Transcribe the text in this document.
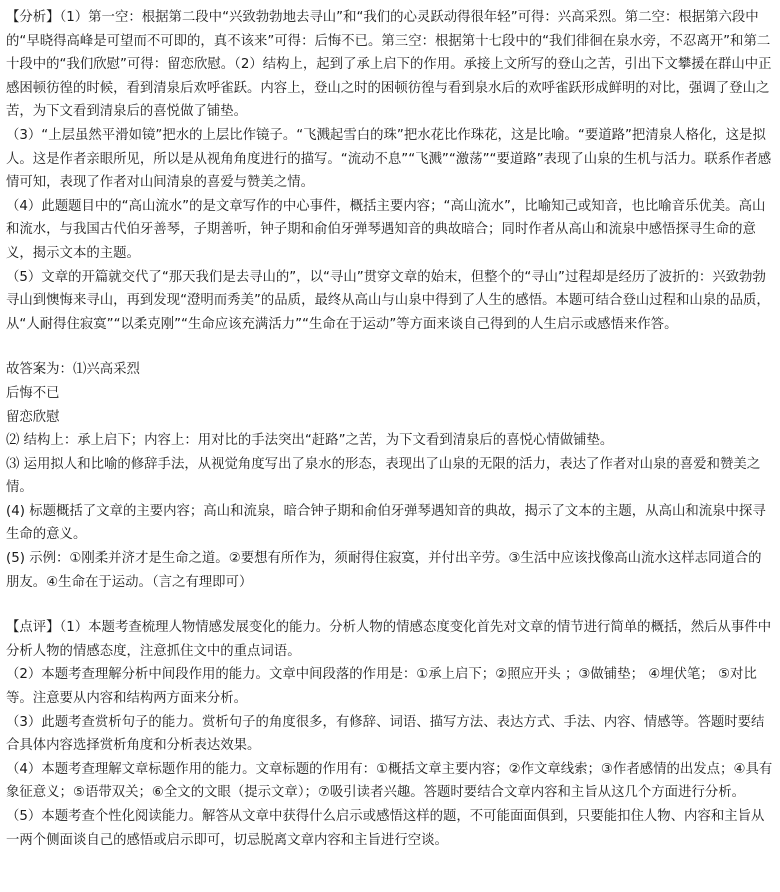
【分析】（1）第一空：根据第二段中“兴致勃勃地去寻山”和“我们的心灵跃动得很年轻”可得：兴高采烈。第二空：根据第六段中的“早晓得高峰是可望而不可即的，真不该来”可得：后悔不已。第三空：根据第十七段中的“我们徘徊在泉水旁，不忍离开”和第二十段中的“我们欣慰”可得：留恋欣慰。（2）结构上，起到了承上启下的作用。承接上文所写的登山之苦，引出下文攀援在群山中正感困顿彷徨的时候，看到清泉后欢呼雀跃。内容上，登山之时的困顿彷徨与看到泉水后的欢呼雀跃形成鲜明的对比，强调了登山之苦，为下文看到清泉后的喜悦做了铺垫。

（3）“上层虽然平滑如镜”把水的上层比作镜子。“飞溅起雪白的珠”把水花比作珠花，这是比喻。“要道路”把清泉人格化，这是拟人。这是作者亲眼所见，所以是从视角角度进行的描写。“流动不息”“飞溅”“激荡”“要道路”表现了山泉的生机与活力。联系作者感情可知，表现了作者对山间清泉的喜爱与赞美之情。

（4）此题题目中的“高山流水”的是文章写作的中心事件，概括主要内容；“高山流水”，比喻知己或知音，也比喻音乐优美。高山和流水，与我国古代伯牙善琴，子期善听，钟子期和俞伯牙弹琴遇知音的典故暗合；同时作者从高山和流泉中感悟探寻生命的意义，揭示文本的主题。

（5）文章的开篇就交代了“那天我们是去寻山的”，以“寻山”贯穿文章的始末，但整个的“寻山”过程却是经历了波折的：兴致勃勃寻山到懊悔来寻山，再到发现“澄明而秀美”的品质，最终从高山与山泉中得到了人生的感悟。本题可结合登山过程和山泉的品质，从“人耐得住寂寞”“以柔克刚”“生命应该充满活力”“生命在于运动”等方面来谈自己得到的人生启示或感悟来作答。

故答案为：⑴兴高采烈

后悔不已

留恋欣慰

⑵ 结构上：承上启下；内容上：用对比的手法突出“赶路”之苦，为下文看到清泉后的喜悦心情做铺垫。

⑶ 运用拟人和比喻的修辞手法，从视觉角度写出了泉水的形态，表现出了山泉的无限的活力，表达了作者对山泉的喜爱和赞美之情。

(4) 标题概括了文章的主要内容；高山和流泉，暗合钟子期和俞伯牙弹琴遇知音的典故，揭示了文本的主题，从高山和流泉中探寻生命的意义。

(5) 示例：①刚柔并济才是生命之道。②要想有所作为，须耐得住寂寞，并付出辛劳。③生活中应该找像高山流水这样志同道合的朋友。④生命在于运动。（言之有理即可）

【点评】（1）本题考查梳理人物情感发展变化的能力。分析人物的情感态度变化首先对文章的情节进行简单的概括，然后从事件中分析人物的情感态度，注意抓住文中的重点词语。

（2）本题考查理解分析中间段作用的能力。文章中间段落的作用是：①承上启下；②照应开头 ；③做铺垫； ④埋伏笔； ⑤对比等。注意要从内容和结构两方面来分析。

（3）此题考查赏析句子的能力。赏析句子的角度很多，有修辞、词语、描写方法、表达方式、手法、内容、情感等。答题时要结合具体内容选择赏析角度和分析表达效果。

（4）本题考查理解文章标题作用的能力。文章标题的作用有：①概括文章主要内容；②作文章线索；③作者感情的出发点；④具有象征意义；⑤语带双关；⑥全文的文眼（提示文章）；⑦吸引读者兴趣。答题时要结合文章内容和主旨从这几个方面进行分析。

（5）本题考查个性化阅读能力。解答从文章中获得什么启示或感悟这样的题，不可能面面俱到，只要能扣住人物、内容和主旨从一两个侧面谈自己的感悟或启示即可，切忌脱离文章内容和主旨进行空谈。
